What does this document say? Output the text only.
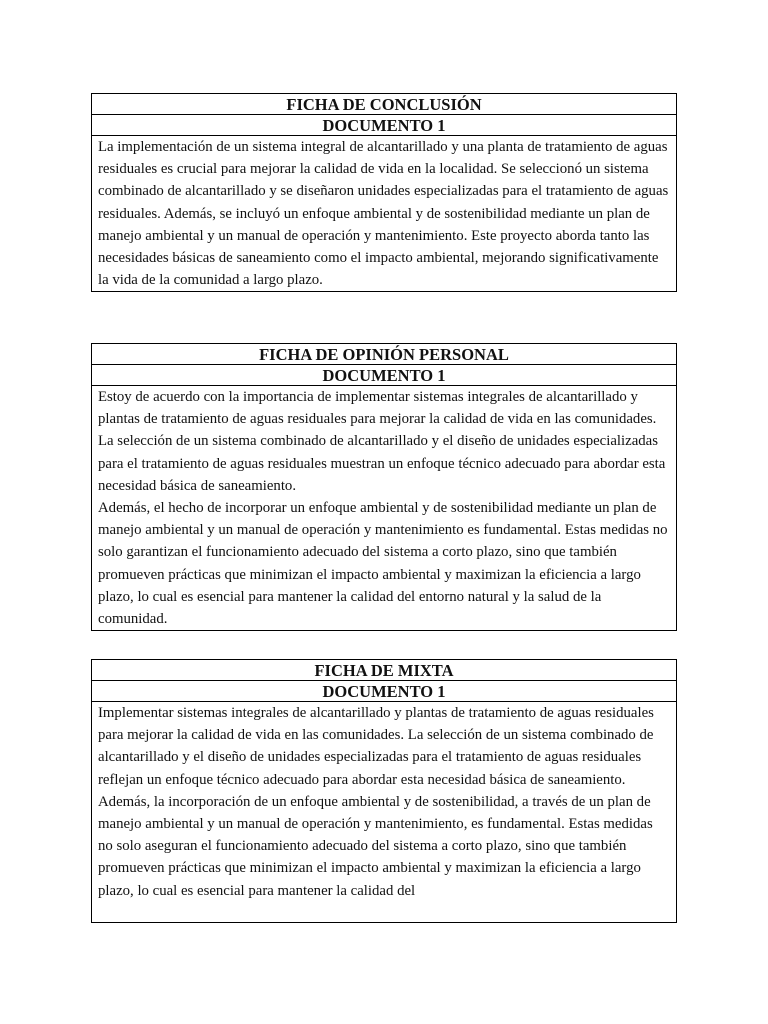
FICHA DE CONCLUSIÓN
DOCUMENTO 1

La implementación de un sistema integral de alcantarillado y una planta de tratamiento de aguas residuales es crucial para mejorar la calidad de vida en la localidad. Se seleccionó un sistema combinado de alcantarillado y se diseñaron unidades especializadas para el tratamiento de aguas residuales. Además, se incluyó un enfoque ambiental y de sostenibilidad mediante un plan de manejo ambiental y un manual de operación y mantenimiento. Este proyecto aborda tanto las necesidades básicas de saneamiento como el impacto ambiental, mejorando significativamente la vida de la comunidad a largo plazo.

FICHA DE OPINIÓN PERSONAL
DOCUMENTO 1

Estoy de acuerdo con la importancia de implementar sistemas integrales de alcantarillado y plantas de tratamiento de aguas residuales para mejorar la calidad de vida en las comunidades. La selección de un sistema combinado de alcantarillado y el diseño de unidades especializadas para el tratamiento de aguas residuales muestran un enfoque técnico adecuado para abordar esta necesidad básica de saneamiento.

Además, el hecho de incorporar un enfoque ambiental y de sostenibilidad mediante un plan de manejo ambiental y un manual de operación y mantenimiento es fundamental. Estas medidas no solo garantizan el funcionamiento adecuado del sistema a corto plazo, sino que también promueven prácticas que minimizan el impacto ambiental y maximizan la eficiencia a largo plazo, lo cual es esencial para mantener la calidad del entorno natural y la salud de la comunidad.

FICHA DE MIXTA
DOCUMENTO 1

Implementar sistemas integrales de alcantarillado y plantas de tratamiento de aguas residuales para mejorar la calidad de vida en las comunidades. La selección de un sistema combinado de alcantarillado y el diseño de unidades especializadas para el tratamiento de aguas residuales reflejan un enfoque técnico adecuado para abordar esta necesidad básica de saneamiento.

Además, la incorporación de un enfoque ambiental y de sostenibilidad, a través de un plan de manejo ambiental y un manual de operación y mantenimiento, es fundamental. Estas medidas no solo aseguran el funcionamiento adecuado del sistema a corto plazo, sino que también promueven prácticas que minimizan el impacto ambiental y maximizan la eficiencia a largo plazo, lo cual es esencial para mantener la calidad del
